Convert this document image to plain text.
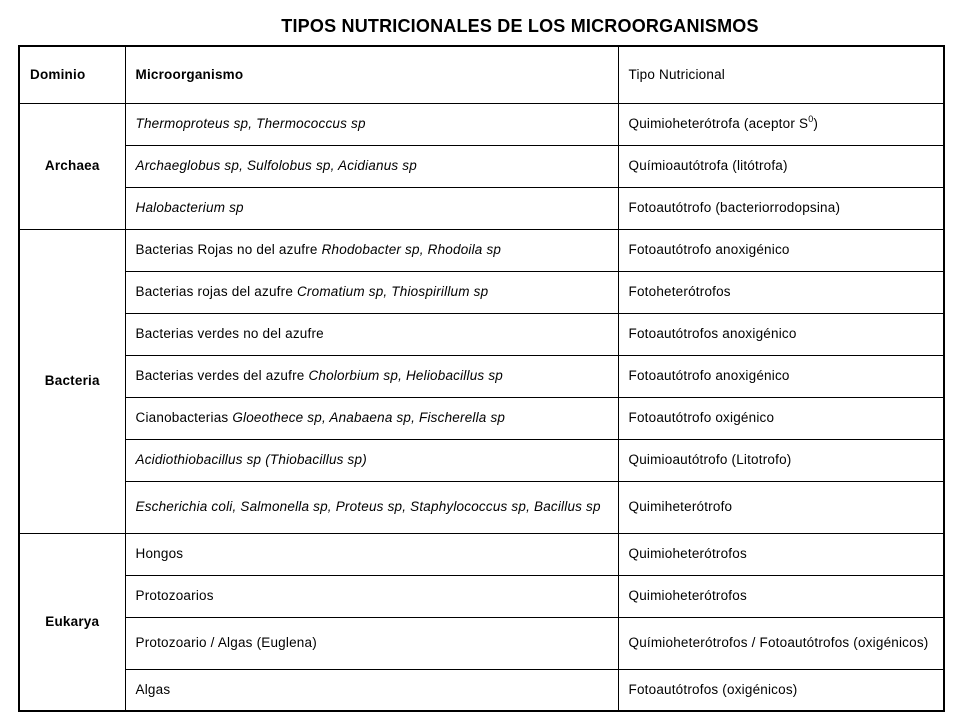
TIPOS NUTRICIONALES DE LOS MICROORGANISMOS
Dominio	Microorganismo	Tipo Nutricional
Archaea	Thermoproteus sp, Thermococcus sp	Quimioheterótrofa (aceptor $S^0$)
	Archaeglobus sp, Sulfolobus sp, Acidianus sp	Químioautótrofa (litótrofa)
	Halobacterium sp	Fotoautótrofo (bacteriorrodopsina)
Bacteria	Bacterias Rojas no del azufre Rhodobacter sp, Rhodoila sp	Fotoautótrofo anoxigénico
	Bacterias rojas del azufre Cromatium sp, Thiospirillum sp	Fotoheterótrofos
	Bacterias verdes no del azufre	Fotoautótrofos anoxigénico
	Bacterias verdes del azufre Cholorbium sp, Heliobacillus sp	Fotoautótrofo anoxigénico
	Cianobacterias Gloeothece sp, Anabaena sp, Fischerella sp	Fotoautótrofo oxigénico
	Acidiothiobacillus sp (Thiobacillus sp)	Quimioautótrofo (Litotrofo)
	Escherichia coli, Salmonella sp, Proteus sp, Staphylococcus sp, Bacillus sp	Quimiheterótrofo
Eukarya	Hongos	Quimioheterótrofos
	Protozoarios	Quimioheterótrofos
	Protozoario / Algas (Euglena)	Químioheterótrofos / Fotoautótrofos (oxigénicos)
	Algas	Fotoautótrofos (oxigénicos)
